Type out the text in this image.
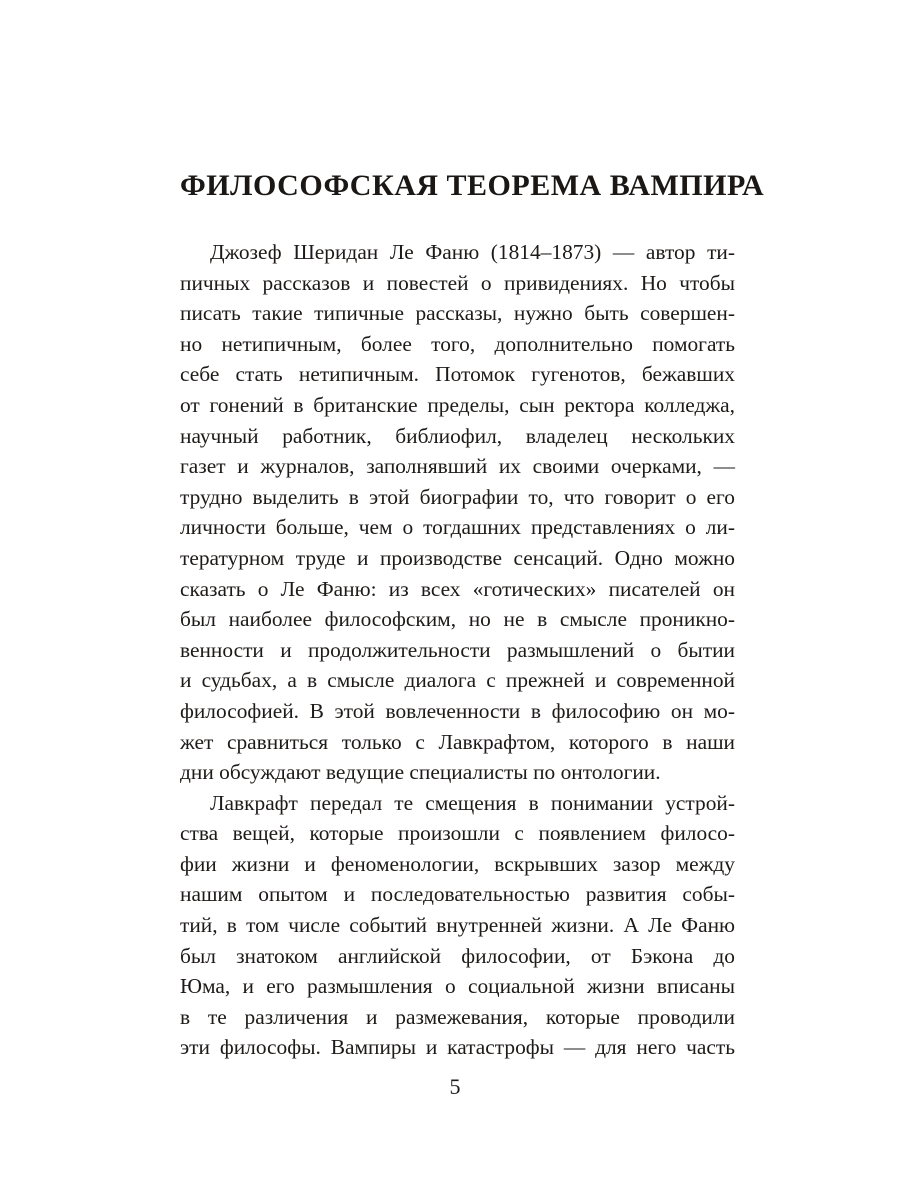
ФИЛОСОФСКАЯ ТЕОРЕМА ВАМПИРА

Джозеф Шеридан Ле Фаню (1814–1873) — автор ти-
пичных рассказов и повестей о привидениях. Но чтобы
писать такие типичные рассказы, нужно быть совершен-
но нетипичным, более того, дополнительно помогать
себе стать нетипичным. Потомок гугенотов, бежавших
от гонений в британские пределы, сын ректора колледжа,
научный работник, библиофил, владелец нескольких
газет и журналов, заполнявший их своими очерками, —
трудно выделить в этой биографии то, что говорит о его
личности больше, чем о тогдашних представлениях о ли-
тературном труде и производстве сенсаций. Одно можно
сказать о Ле Фаню: из всех «готических» писателей он
был наиболее философским, но не в смысле проникно-
венности и продолжительности размышлений о бытии
и судьбах, а в смысле диалога с прежней и современной
философией. В этой вовлеченности в философию он мо-
жет сравниться только с Лавкрафтом, которого в наши
дни обсуждают ведущие специалисты по онтологии.

Лавкрафт передал те смещения в понимании устрой-
ства вещей, которые произошли с появлением филосо-
фии жизни и феноменологии, вскрывших зазор между
нашим опытом и последовательностью развития собы-
тий, в том числе событий внутренней жизни. А Ле Фаню
был знатоком английской философии, от Бэкона до
Юма, и его размышления о социальной жизни вписаны
в те различения и размежевания, которые проводили
эти философы. Вампиры и катастрофы — для него часть

5
